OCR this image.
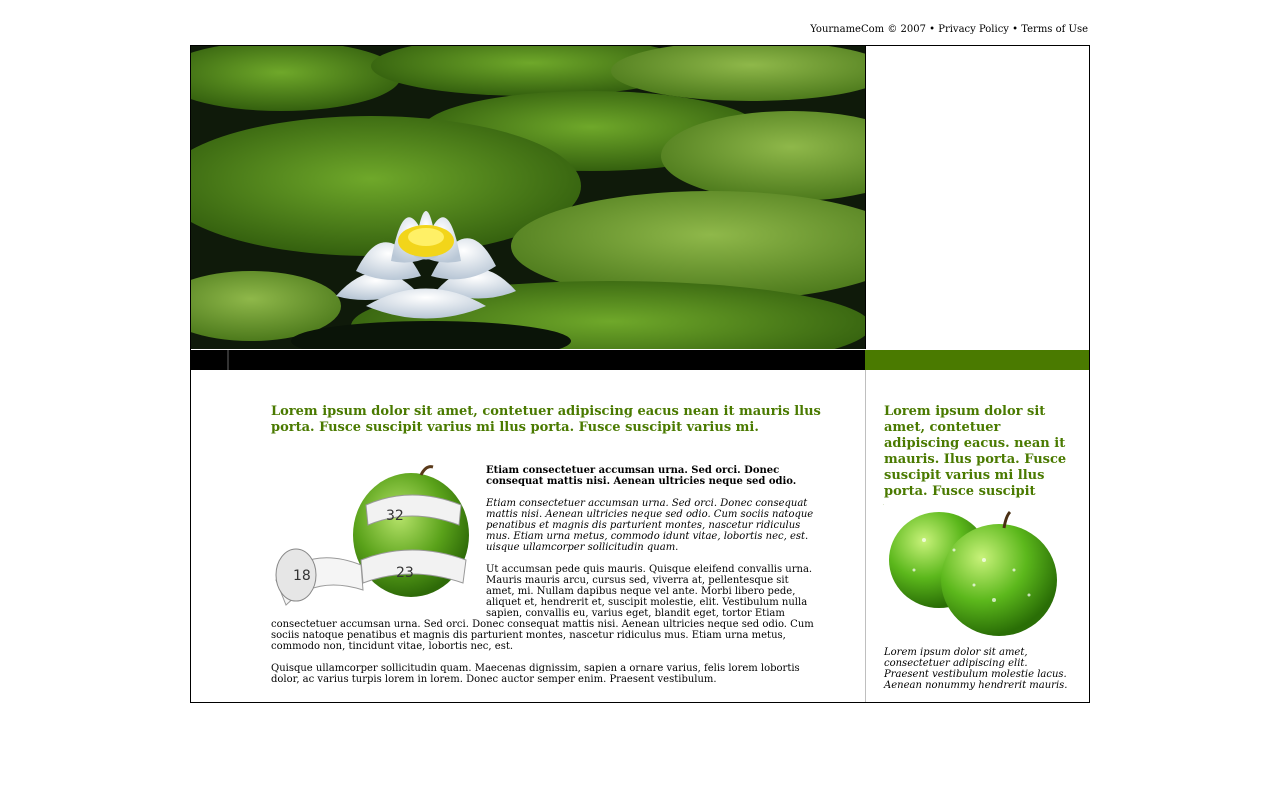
YournameCom © 2007 • Privacy Policy • Terms of Use
Lorem ipsum dolor sit amet, contetuer adipiscing eacus nean it mauris llus porta. Fusce suscipit varius mi llus porta. Fusce suscipit varius mi.
32
23
18

Etiam consectetuer accumsan urna. Sed orci. Donec consequat mattis nisi. Aenean ultricies neque sed odio.

Etiam consectetuer accumsan urna. Sed orci. Donec consequat mattis nisi. Aenean ultricies neque sed odio. Cum sociis natoque penatibus et magnis dis parturient montes, nascetur ridiculus mus. Etiam urna metus, commodo idunt vitae, lobortis nec, est. uisque ullamcorper sollicitudin quam.

Ut accumsan pede quis mauris. Quisque eleifend convallis urna. Mauris mauris arcu, cursus sed, viverra at, pellentesque sit amet, mi. Nullam dapibus neque vel ante. Morbi libero pede, aliquet et, hendrerit et, suscipit molestie, elit. Vestibulum nulla sapien, convallis eu, varius eget, blandit eget, tortor Etiam consectetuer accumsan urna. Sed orci. Donec consequat mattis nisi. Aenean ultricies neque sed odio. Cum sociis natoque penatibus et magnis dis parturient montes, nascetur ridiculus mus. Etiam urna metus, commodo non, tincidunt vitae, lobortis nec, est.

Quisque ullamcorper sollicitudin quam. Maecenas dignissim, sapien a ornare varius, felis lorem lobortis dolor, ac varius turpis lorem in lorem. Donec auctor semper enim. Praesent vestibulum.

Lorem ipsum dolor sit amet, contetuer adipiscing eacus. nean it mauris. Ilus porta. Fusce suscipit varius mi llus porta. Fusce suscipit
Lorem ipsum dolor sit amet, consectetuer adipiscing elit. Praesent vestibulum molestie lacus. Aenean nonummy hendrerit mauris.
